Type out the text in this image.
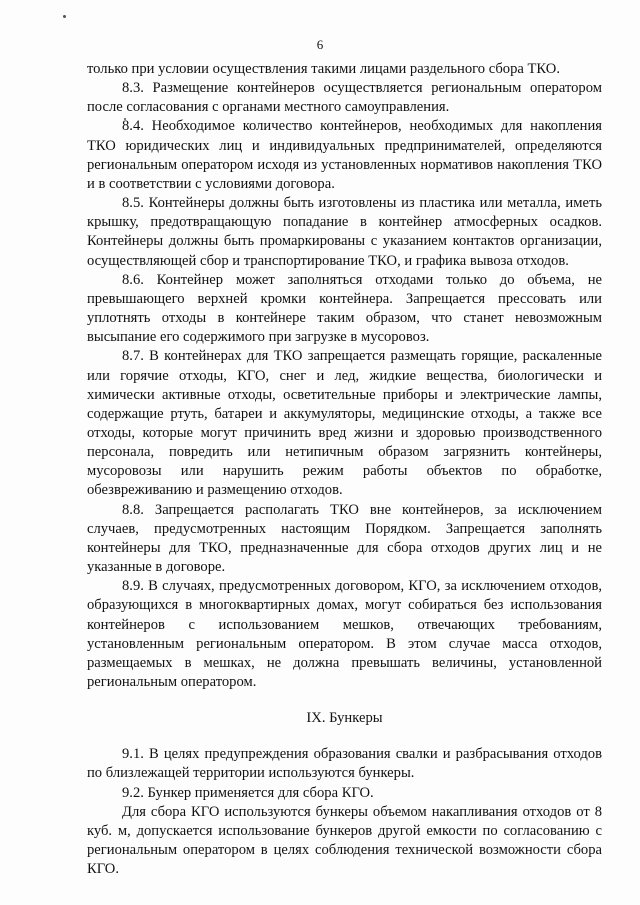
6

только при условии осуществления такими лицами раздельного сбора ТКО.

8.3. Размещение контейнеров осуществляется региональным оператором после согласования с органами местного самоуправления.

8.4. Необходимое количество контейнеров, необходимых для накопления ТКО юридических лиц и индивидуальных предпринимателей, определяются региональным оператором исходя из установленных нормативов накопления ТКО и в соответствии с условиями договора.

8.5. Контейнеры должны быть изготовлены из пластика или металла, иметь крышку, предотвращающую попадание в контейнер атмосферных осадков. Контейнеры должны быть промаркированы с указанием контактов организации, осуществляющей сбор и транспортирование ТКО, и графика вывоза отходов.

8.6. Контейнер может заполняться отходами только до объема, не превышающего верхней кромки контейнера. Запрещается прессовать или уплотнять отходы в контейнере таким образом, что станет невозможным высыпание его содержимого при загрузке в мусоровоз.

8.7. В контейнерах для ТКО запрещается размещать горящие, раскаленные или горячие отходы, КГО, снег и лед, жидкие вещества, биологически и химически активные отходы, осветительные приборы и электрические лампы, содержащие ртуть, батареи и аккумуляторы, медицинские отходы, а также все отходы, которые могут причинить вред жизни и здоровью производственного персонала, повредить или нетипичным образом загрязнить контейнеры, мусоровозы или нарушить режим работы объектов по обработке, обезвреживанию и размещению отходов.

8.8. Запрещается располагать ТКО вне контейнеров, за исключением случаев, предусмотренных настоящим Порядком. Запрещается заполнять контейнеры для ТКО, предназначенные для сбора отходов других лиц и не указанные в договоре.

8.9. В случаях, предусмотренных договором, КГО, за исключением отходов, образующихся в многоквартирных домах, могут собираться без использования контейнеров с использованием мешков, отвечающих требованиям, установленным региональным оператором. В этом случае масса отходов, размещаемых в мешках, не должна превышать величины, установленной региональным оператором.

IX. Бункеры

9.1. В целях предупреждения образования свалки и разбрасывания отходов по близлежащей территории используются бункеры.

9.2. Бункер применяется для сбора КГО.

Для сбора КГО используются бункеры объемом накапливания отходов от 8 куб. м, допускается использование бункеров другой емкости по согласованию с региональным оператором в целях соблюдения технической возможности сбора КГО.
